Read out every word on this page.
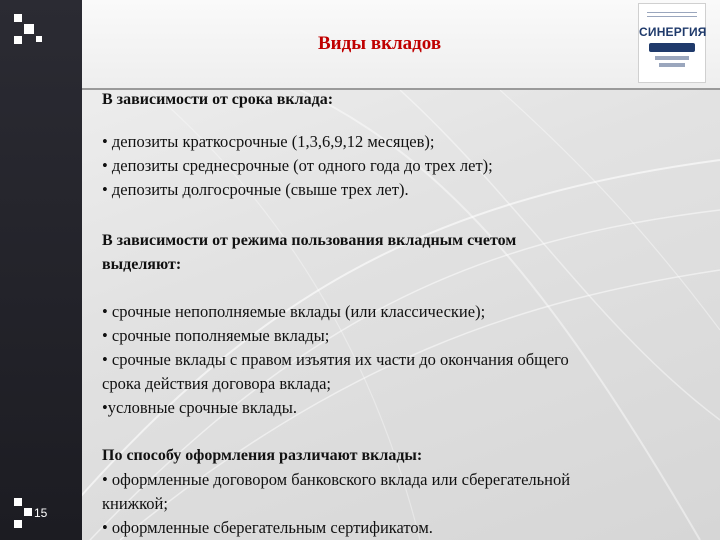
Виды вкладов
СИНЕРГИЯ
15

В зависимости от срока вклада:

• депозиты краткосрочные (1,3,6,9,12 месяцев);
• депозиты среднесрочные (от одного года до трех лет);
• депозиты долгосрочные (свыше трех лет).

В зависимости от режима пользования вкладным счетом

выделяют:

• срочные непополняемые вклады (или классические);
• срочные пополняемые вклады;
• срочные вклады с правом изъятия их части до окончания общего
срока действия договора вклада;
•условные срочные вклады.

По способу оформления различают вклады:

• оформленные договором банковского вклада или сберегательной
книжкой;
• оформленные сберегательным сертификатом.
